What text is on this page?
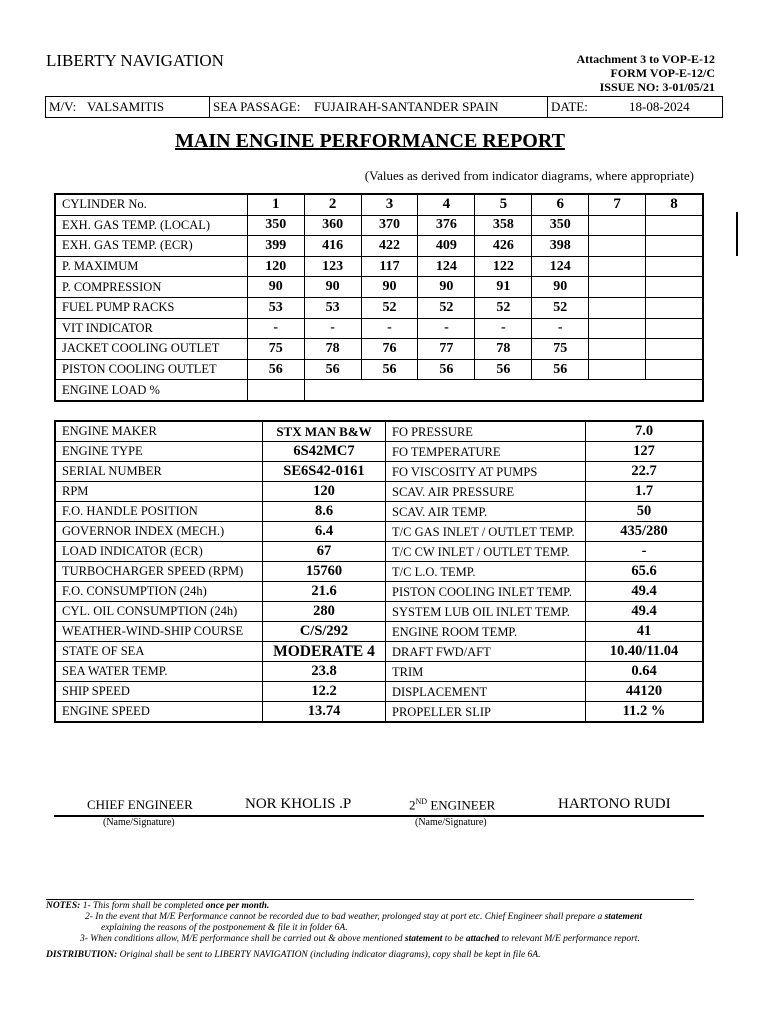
LIBERTY NAVIGATION	Attachment 3 to VOP-E-12
FORM VOP-E-12/C
ISSUE NO: 3-01/05/21
M/V: VALSAMITIS	SEA PASSAGE: FUJAIRAH-SANTANDER SPAIN	DATE:	18-08-2024
MAIN ENGINE PERFORMANCE REPORT
(Values as derived from indicator diagrams, where appropriate)
CYLINDER No.	1	2	3	4	5	6	7	8
EXH. GAS TEMP. (LOCAL)	350	360	370	376	358	350		
EXH. GAS TEMP. (ECR)	399	416	422	409	426	398		
P. MAXIMUM	120	123	117	124	122	124		
P. COMPRESSION	90	90	90	90	91	90		
FUEL PUMP RACKS	53	53	52	52	52	52		
VIT INDICATOR	-	-	-	-	-	-		
JACKET COOLING OUTLET	75	78	76	77	78	75		
PISTON COOLING OUTLET	56	56	56	56	56	56		
ENGINE LOAD %								
ENGINE MAKER	STX MAN B&W	FO PRESSURE	7.0
ENGINE TYPE	6S42MC7	FO TEMPERATURE	127
SERIAL NUMBER	SE6S42-0161	FO VISCOSITY AT PUMPS	22.7
RPM	120	SCAV. AIR PRESSURE	1.7
F.O. HANDLE POSITION	8.6	SCAV. AIR TEMP.	50
GOVERNOR INDEX (MECH.)	6.4	T/C GAS INLET / OUTLET TEMP.	435/280
LOAD INDICATOR (ECR)	67	T/C CW INLET / OUTLET TEMP.	-
TURBOCHARGER SPEED (RPM)	15760	T/C L.O. TEMP.	65.6
F.O. CONSUMPTION (24h)	21.6	PISTON COOLING INLET TEMP.	49.4
CYL. OIL CONSUMPTION (24h)	280	SYSTEM LUB OIL INLET TEMP.	49.4
WEATHER-WIND-SHIP COURSE	C/S/292	ENGINE ROOM TEMP.	41
STATE OF SEA	MODERATE 4	DRAFT FWD/AFT	10.40/11.04
SEA WATER TEMP.	23.8	TRIM	0.64
SHIP SPEED	12.2	DISPLACEMENT	44120
ENGINE SPEED	13.74	PROPELLER SLIP	11.2 %
CHIEF ENGINEER	NOR KHOLIS .P	2ND ENGINEER	HARTONO RUDI
(Name/Signature)	(Name/Signature)
NOTES: 1- This form shall be completed once per month.
2- In the event that M/E Performance cannot be recorded due to bad weather, prolonged stay at port etc. Chief Engineer shall prepare a statement
explaining the reasons of the postponement & file it in folder 6A.
3- When conditions allow, M/E performance shall be carried out & above mentioned statement to be attached to relevant M/E performance report.
DISTRIBUTION: Original shall be sent to LIBERTY NAVIGATION (including indicator diagrams), copy shall be kept in file 6A.
